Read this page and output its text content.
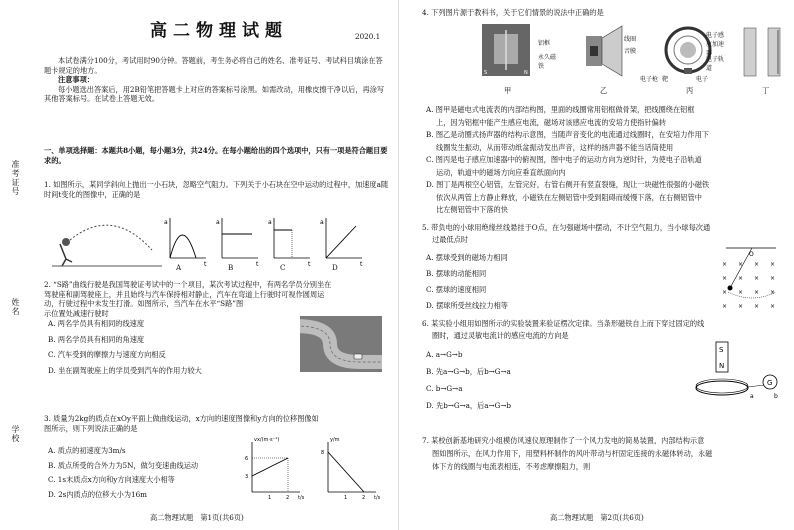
准考证号
姓名
学校
高二物理试题	2020.1
本试卷满分100分，考试用时90分钟。答题前，考生务必将自己的姓名、准考证号、考试科目填涂在答题卡规定的地方。
注意事项：
每小题选出答案后，用2B铅笔把答题卡上对应的答案标号涂黑。如需改动，用橡皮擦干净以后，再涂写其他答案标号。在试卷上答题无效。
一、单项选择题：本题共8小题，每小题3分，共24分。在每小题给出的四个选项中，只有一项是符合题目要求的。
1. 如图所示，某同学斜向上抛出一小石块，忽略空气阻力。下列关于小石块在空中运动的过程中，加速度a随时间t变化的图像中，正确的是
a
t
a
t
a
t
a
t
A	B	C	D
2. “S路”曲线行驶是我国驾驶证考试中的一个项目，某次考试过程中，有两名学员分别坐在
驾驶座和副驾驶座上，并且始终与汽车保持相对静止，汽车在弯道上行驶时可视作圆周运
动，行驶过程中未发生打滑。如图所示，当汽车在水平“S路”图
示位置处减速行驶时
A. 两名学员具有相同的线速度
B. 两名学员具有相同的角速度
C. 汽车受到的摩擦力与速度方向相反
D. 坐在副驾驶座上的学员受到汽车的作用力较大
3. 质量为2kg的质点在xOy平面上做曲线运动，x方向的速度图像和y方向的位移图像如
图所示，则下列说法正确的是
A. 质点的初速度为3m/s
B. 质点所受的合外力为5N，做匀变速曲线运动
C. 1s末质点x方向和y方向速度大小相等
D. 2s内质点的位移大小为16m
vx/(m·s⁻¹)
6
3
1	2 t/s
y/m
8
1	2 t/s
高二物理试题　第1页(共6页)
4. 下列图片源于教科书，关于它们情景的说法中正确的是
S	N
铝框
永久磁铁
线圈
音膜
电子感应加速器
电子枪 靶
电子轨道
电子
甲	乙	丙	丁
A. 图甲是磁电式电流表的内部结构图，里面的线圈常用铝框做骨架，把线圈绕在铝框
上，因为铝框中能产生感应电流，磁场对该感应电流的安培力使指针偏转
B. 图乙是动圈式扬声器的结构示意图，当随声音变化的电流通过线圈时，在安培力作用下
线圈发生振动，从而带动纸盆振动发出声音，这样的扬声器不能当话筒使用
C. 图丙是电子感应加速器中的俯视图，图中电子的运动方向为逆时针，为使电子沿轨道
运动，轨道中的磁场方向应垂直纸面向内
D. 图丁是两根空心铝管，左管完好，右管右侧开有竖直裂缝，现让一块磁性很强的小磁铁
依次从两管上方静止释放，小磁铁在左侧铝管中受到阻碍而缓慢下落，在右侧铝管中
比左侧铝管中下落的快
5. 带负电的小球用绝缘丝线悬挂于O点，在匀强磁场中摆动，不计空气阻力，当小球每次通
过最低点时
A. 摆球受到的磁场力相同
B. 摆球的动能相同
C. 摆球的速度相同
D. 摆球所受丝线拉力相等
O
× × × ×
× × × ×
× × × ×
× × × ×
6. 某实验小组用如图所示的实验装置来验证楞次定律。当条形磁铁自上而下穿过固定的线
圈时，通过灵敏电流计的感应电流的方向是
A. a→G→b
B. 先a→G→b，后b→G→a
C. b→G→a
D. 先b→G→a，后a→G→b
S
N
G
a	b
7. 某校创新基地研究小组模仿风速仪原理制作了一个风力发电的简易装置，内部结构示意
图如图所示，在风力作用下，用塑料杯制作的风叶带动与杆固定连接的永磁体转动，永磁
体下方的线圈与电流表相连，不考虑摩擦阻力，则
高二物理试题　第2页(共6页)
